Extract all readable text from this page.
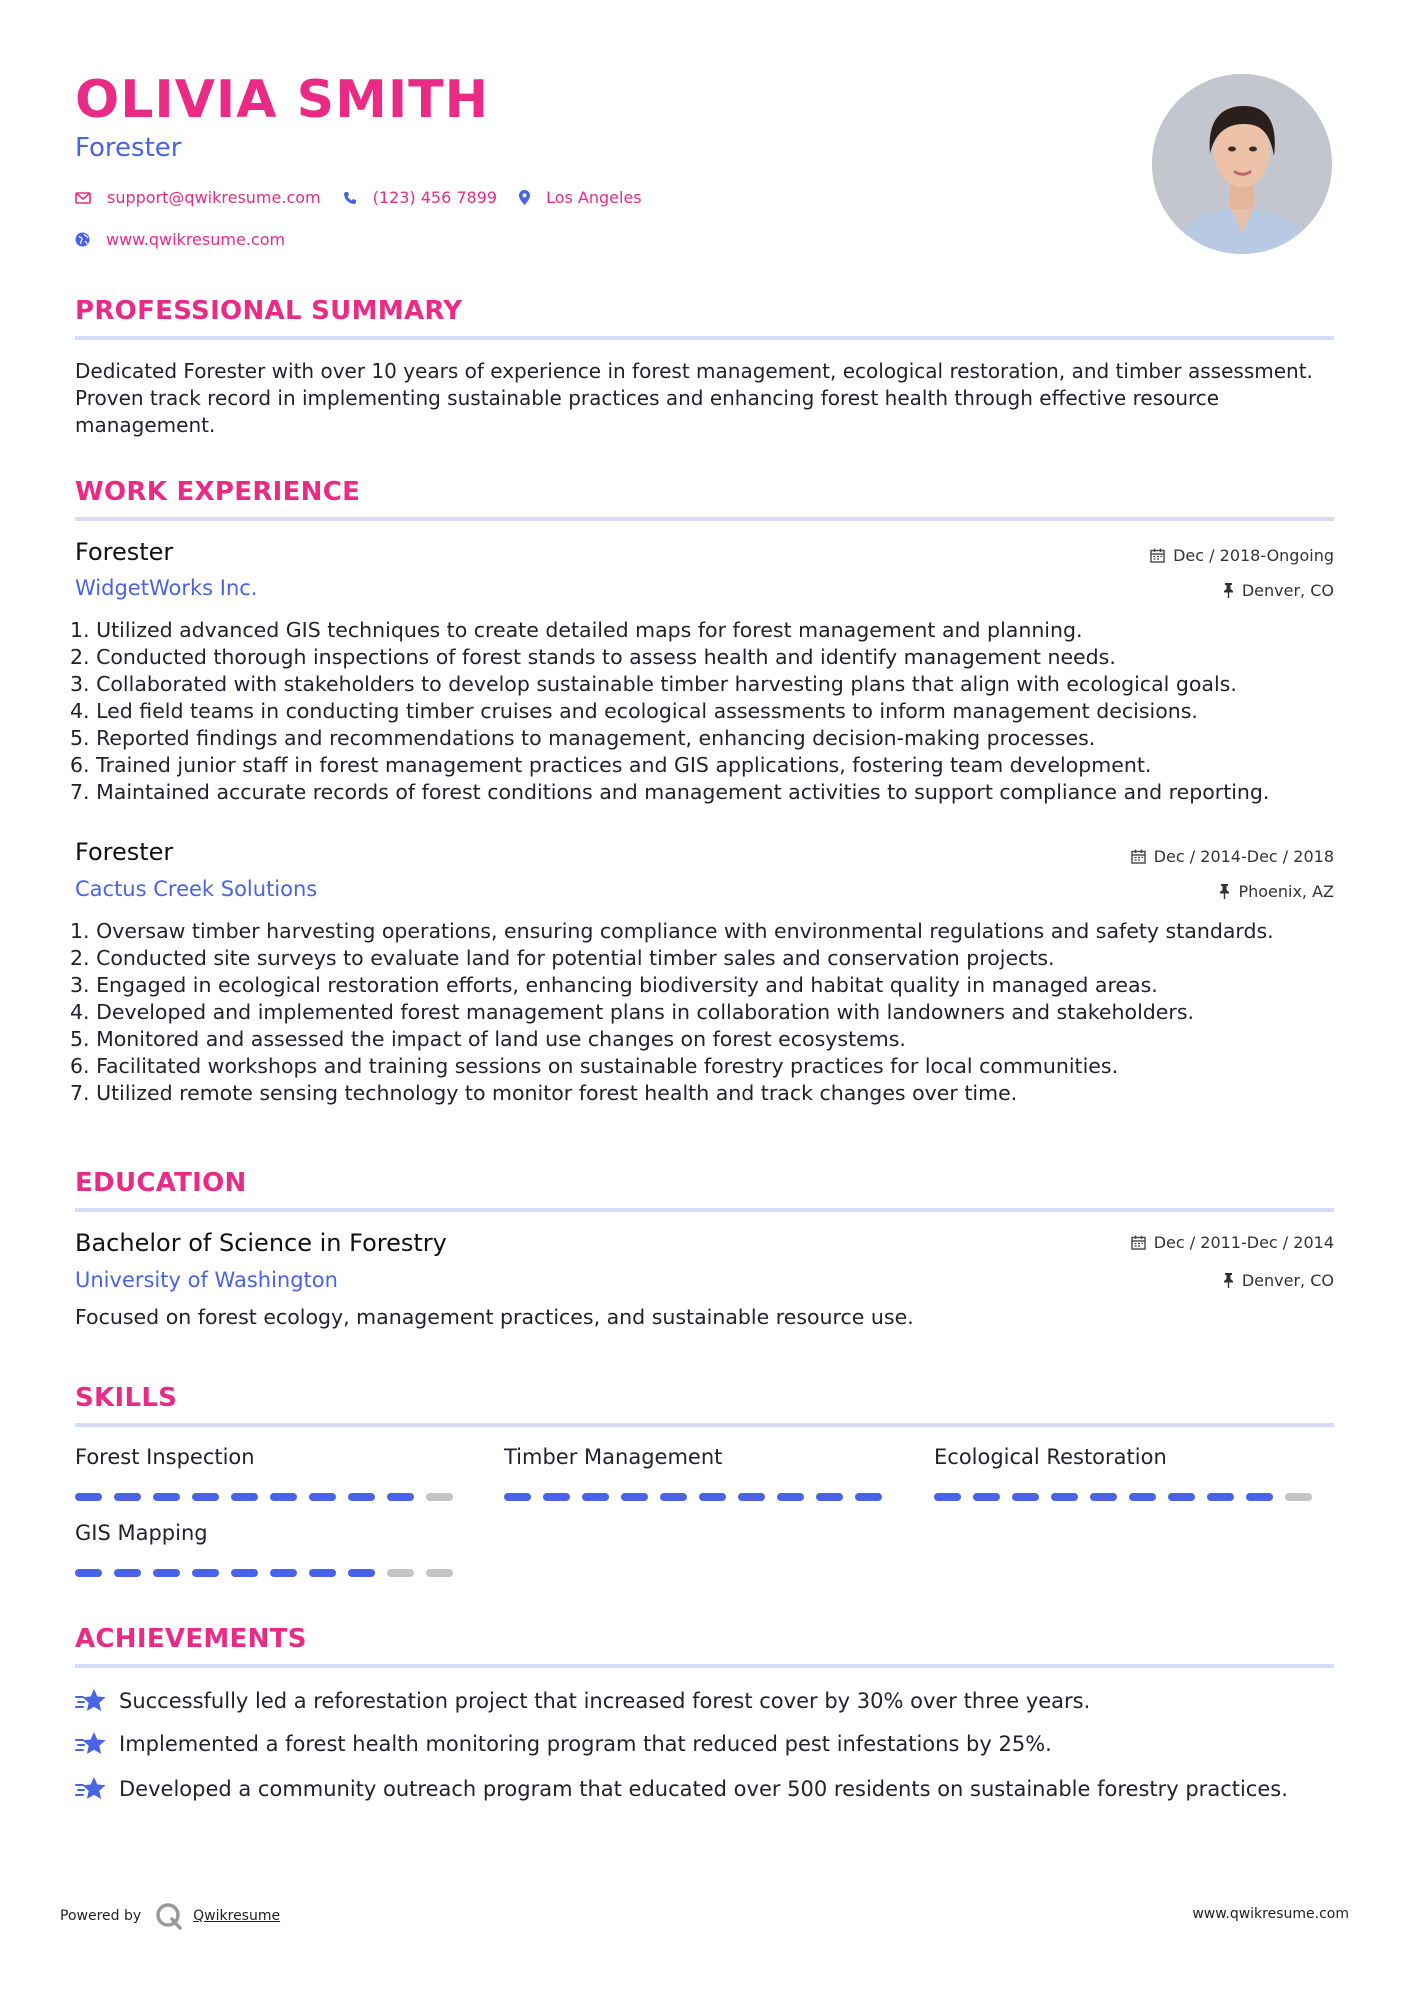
OLIVIA SMITH
Forester
support@qwikresume.com	(123) 456 7899	Los Angeles
www.qwikresume.com
PROFESSIONAL SUMMARY

Dedicated Forester with over 10 years of experience in forest management, ecological restoration, and timber assessment. Proven track record in implementing sustainable practices and enhancing forest health through effective resource management.

WORK EXPERIENCE
Forester	Dec / 2018-Ongoing
WidgetWorks Inc.	Denver, CO
1. Utilized advanced GIS techniques to create detailed maps for forest management and planning.
2. Conducted thorough inspections of forest stands to assess health and identify management needs.
3. Collaborated with stakeholders to develop sustainable timber harvesting plans that align with ecological goals.
4. Led field teams in conducting timber cruises and ecological assessments to inform management decisions.
5. Reported findings and recommendations to management, enhancing decision-making processes.
6. Trained junior staff in forest management practices and GIS applications, fostering team development.
7. Maintained accurate records of forest conditions and management activities to support compliance and reporting.
Forester	Dec / 2014-Dec / 2018
Cactus Creek Solutions	Phoenix, AZ
1. Oversaw timber harvesting operations, ensuring compliance with environmental regulations and safety standards.
2. Conducted site surveys to evaluate land for potential timber sales and conservation projects.
3. Engaged in ecological restoration efforts, enhancing biodiversity and habitat quality in managed areas.
4. Developed and implemented forest management plans in collaboration with landowners and stakeholders.
5. Monitored and assessed the impact of land use changes on forest ecosystems.
6. Facilitated workshops and training sessions on sustainable forestry practices for local communities.
7. Utilized remote sensing technology to monitor forest health and track changes over time.
EDUCATION
Bachelor of Science in Forestry	Dec / 2011-Dec / 2014
University of Washington	Denver, CO

Focused on forest ecology, management practices, and sustainable resource use.

SKILLS
Forest Inspection	Timber Management	Ecological Restoration
GIS Mapping
ACHIEVEMENTS
Successfully led a reforestation project that increased forest cover by 30% over three years.
Implemented a forest health monitoring program that reduced pest infestations by 25%.
Developed a community outreach program that educated over 500 residents on sustainable forestry practices.
Powered by	Qwikresume	www.qwikresume.com
